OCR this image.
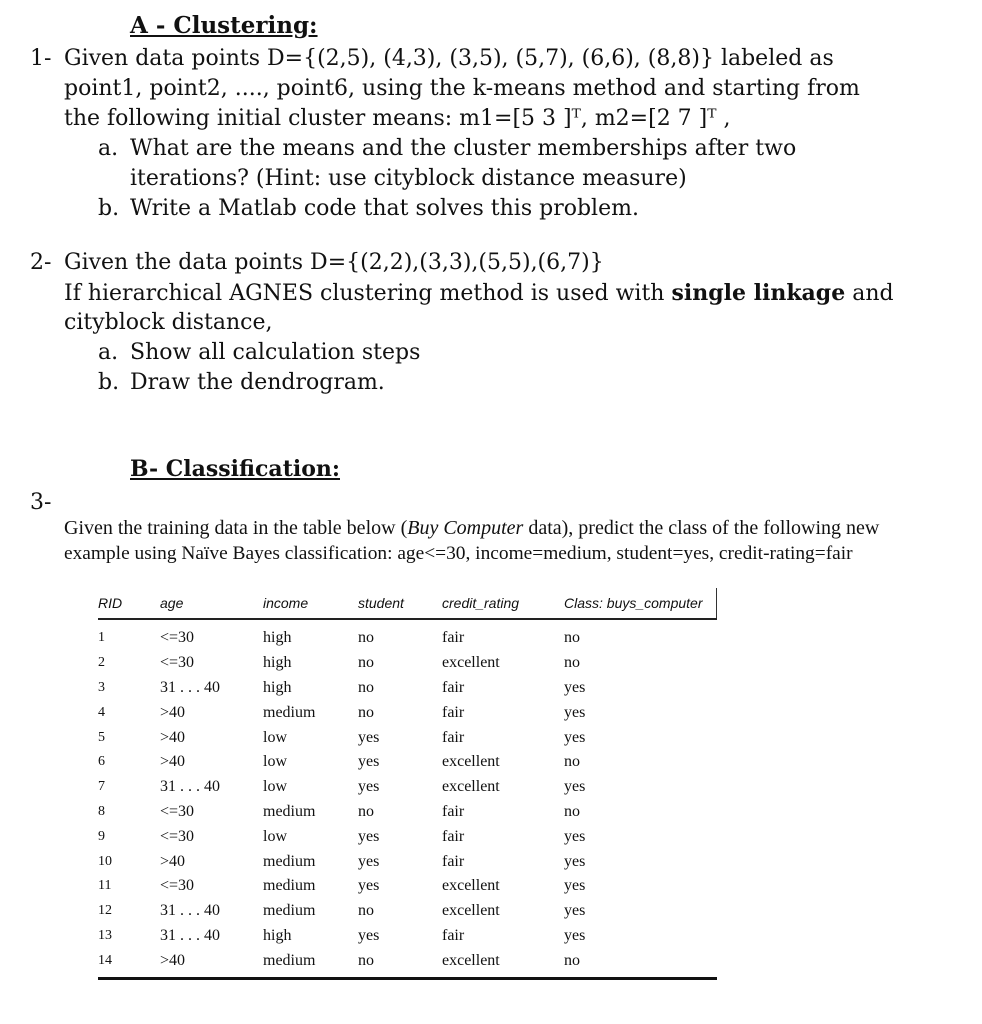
A - Clustering:
1- Given data points D={(2,5), (4,3), (3,5), (5,7), (6,6), (8,8)} labeled as
point1, point2, ...., point6, using the k-means method and starting from
the following initial cluster means: m1=[5 3 ]ᵀ, m2=[2 7 ]ᵀ ,
a. What are the means and the cluster memberships after two
iterations? (Hint: use cityblock distance measure)
b. Write a Matlab code that solves this problem.
2- Given the data points D={(2,2),(3,3),(5,5),(6,7)}
If hierarchical AGNES clustering method is used with single linkage and
cityblock distance,
a. Show all calculation steps
b. Draw the dendrogram.
B- Classification:
3-
Given the training data in the table below (Buy Computer data), predict the class of the following new
example using Naïve Bayes classification: age<=30, income=medium, student=yes, credit-rating=fair
RID	age	income	student	credit_rating	Class: buys_computer
1	<=30	high	no	fair	no
2	<=30	high	no	excellent	no
3	31 . . . 40	high	no	fair	yes
4	>40	medium	no	fair	yes
5	>40	low	yes	fair	yes
6	>40	low	yes	excellent	no
7	31 . . . 40	low	yes	excellent	yes
8	<=30	medium	no	fair	no
9	<=30	low	yes	fair	yes
10	>40	medium	yes	fair	yes
11	<=30	medium	yes	excellent	yes
12	31 . . . 40	medium	no	excellent	yes
13	31 . . . 40	high	yes	fair	yes
14	>40	medium	no	excellent	no
